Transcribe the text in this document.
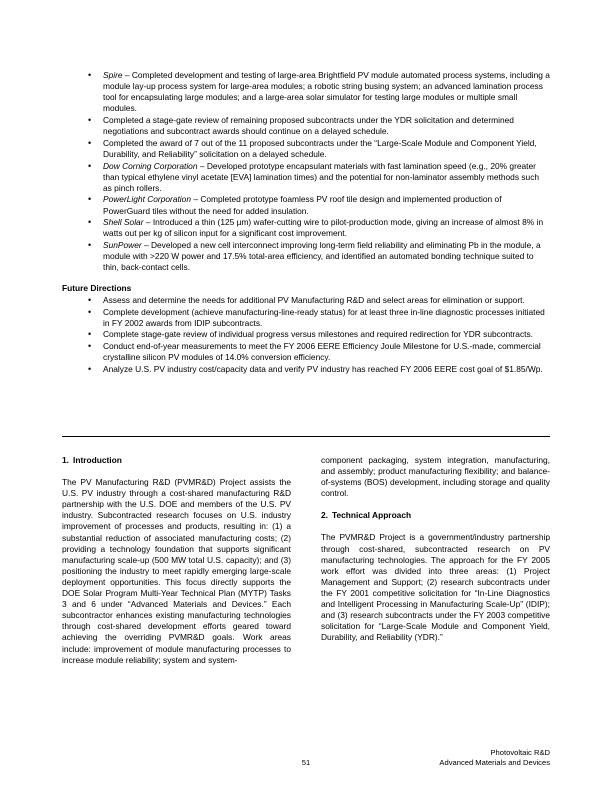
• Spire – Completed development and testing of large-area Brightfield PV module automated process systems, including a module lay-up process system for large-area modules; a robotic string busing system; an advanced lamination process tool for encapsulating large modules; and a large-area solar simulator for testing large modules or multiple small modules.
• Completed a stage-gate review of remaining proposed subcontracts under the YDR solicitation and determined negotiations and subcontract awards should continue on a delayed schedule.
• Completed the award of 7 out of the 11 proposed subcontracts under the “Large-Scale Module and Component Yield, Durability, and Reliability” solicitation on a delayed schedule.
• Dow Corning Corporation – Developed prototype encapsulant materials with fast lamination speed (e.g., 20% greater than typical ethylene vinyl acetate [EVA] lamination times) and the potential for non-laminator assembly methods such as pinch rollers.
• PowerLight Corporation – Completed prototype foamless PV roof tile design and implemented production of PowerGuard tiles without the need for added insulation.
• Shell Solar – Introduced a thin (125 µm) wafer-cutting wire to pilot-production mode, giving an increase of almost 8% in watts out per kg of silicon input for a significant cost improvement.
• SunPower – Developed a new cell interconnect improving long-term field reliability and eliminating Pb in the module, a module with >220 W power and 17.5% total-area efficiency, and identified an automated bonding technique suited to thin, back-contact cells.
Future Directions
• Assess and determine the needs for additional PV Manufacturing R&D and select areas for elimination or support.
• Complete development (achieve manufacturing-line-ready status) for at least three in-line diagnostic processes initiated in FY 2002 awards from IDIP subcontracts.
• Complete stage-gate review of individual progress versus milestones and required redirection for YDR subcontracts.
• Conduct end-of-year measurements to meet the FY 2006 EERE Efficiency Joule Milestone for U.S.-made, commercial crystalline silicon PV modules of 14.0% conversion efficiency.
• Analyze U.S. PV industry cost/capacity data and verify PV industry has reached FY 2006 EERE cost goal of $1.85/Wp.
1. Introduction

The PV Manufacturing R&D (PVMR&D) Project assists the U.S. PV industry through a cost-shared manufacturing R&D partnership with the U.S. DOE and members of the U.S. PV industry. Subcontracted research focuses on U.S. industry improvement of processes and products, resulting in: (1) a substantial reduction of associated manufacturing costs; (2) providing a technology foundation that supports significant manufacturing scale-up (500 MW total U.S. capacity); and (3) positioning the industry to meet rapidly emerging large-scale deployment opportunities. This focus directly supports the DOE Solar Program Multi-Year Technical Plan (MYTP) Tasks 3 and 6 under “Advanced Materials and Devices.” Each subcontractor enhances existing manufacturing technologies through cost-shared development efforts geared toward achieving the overriding PVMR&D goals. Work areas include: improvement of module manufacturing processes to increase module reliability; system and system-

component packaging, system integration, manufacturing, and assembly; product manufacturing flexibility; and balance-of-systems (BOS) development, including storage and quality control.

2. Technical Approach

The PVMR&D Project is a government/industry partnership through cost-shared, subcontracted research on PV manufacturing technologies. The approach for the FY 2005 work effort was divided into three areas: (1) Project Management and Support; (2) research subcontracts under the FY 2001 competitive solicitation for “In-Line Diagnostics and Intelligent Processing in Manufacturing Scale-Up” (IDIP); and (3) research subcontracts under the FY 2003 competitive solicitation for “Large-Scale Module and Component Yield, Durability, and Reliability (YDR).”

Photovoltaic R&D
Advanced Materials and Devices
51
